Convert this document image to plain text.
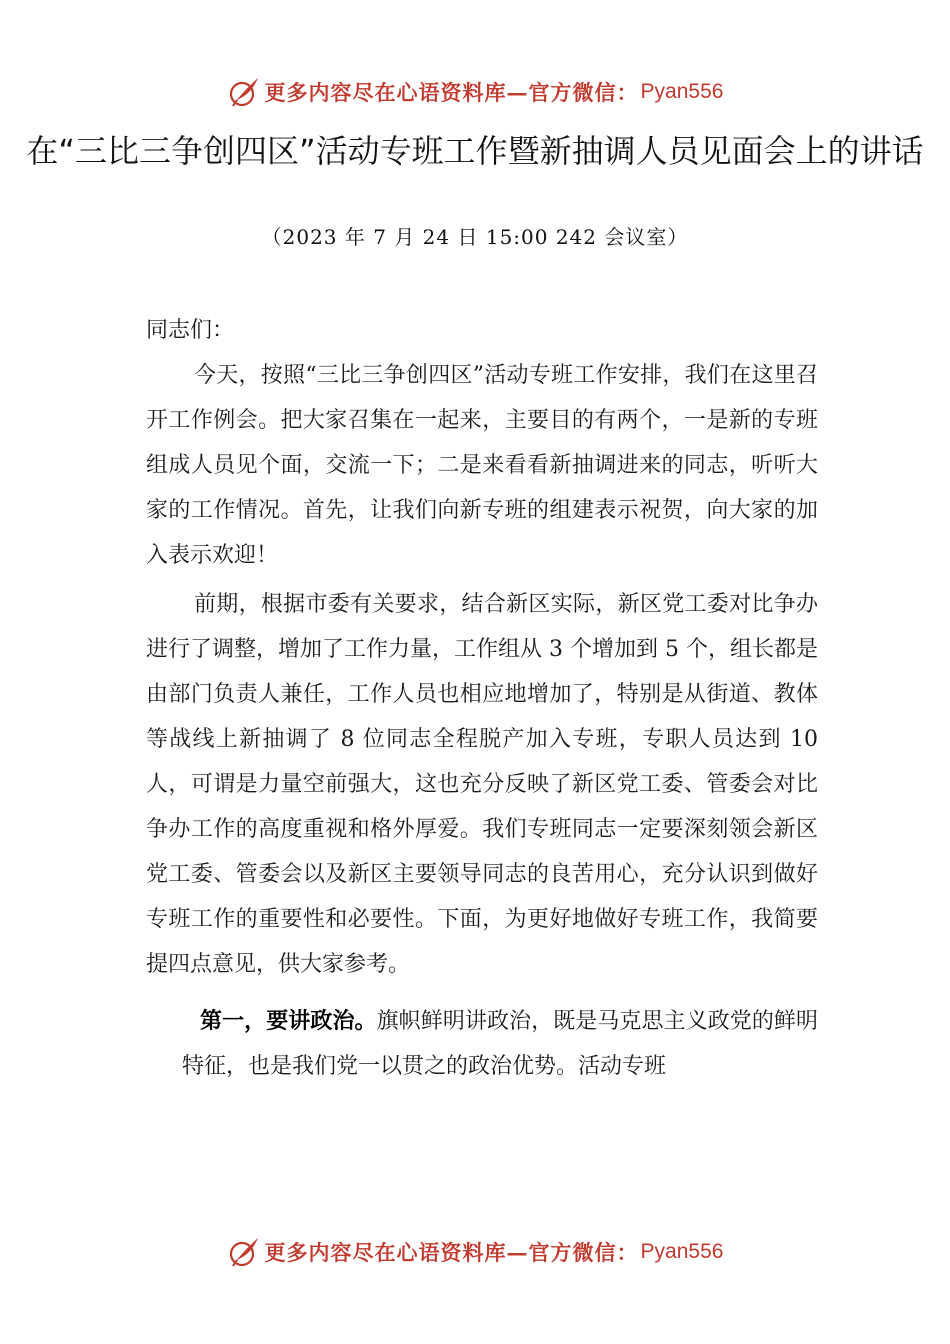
更多内容尽在心语资料库—官方微信： Pyan556
在“三比三争创四区”活动专班工作暨新抽调人员见面会上的讲话
（2023 年 7 月 24 日 15:00 242 会议室）

同志们：

今天，按照“三比三争创四区”活动专班工作安排，我们在这里召开工作例会。把大家召集在一起来，主要目的有两个，一是新的专班组成人员见个面，交流一下；二是来看看新抽调进来的同志，听听大家的工作情况。首先，让我们向新专班的组建表示祝贺，向大家的加入表示欢迎！

前期，根据市委有关要求，结合新区实际，新区党工委对比争办进行了调整，增加了工作力量，工作组从 3 个增加到 5 个，组长都是由部门负责人兼任，工作人员也相应地增加了，特别是从街道、教体等战线上新抽调了 8 位同志全程脱产加入专班，专职人员达到 10 人，可谓是力量空前强大，这也充分反映了新区党工委、管委会对比争办工作的高度重视和格外厚爱。我们专班同志一定要深刻领会新区党工委、管委会以及新区主要领导同志的良苦用心，充分认识到做好专班工作的重要性和必要性。下面，为更好地做好专班工作，我简要提四点意见，供大家参考。

第一，要讲政治。旗帜鲜明讲政治，既是马克思主义政党的鲜明特征，也是我们党一以贯之的政治优势。活动专班

更多内容尽在心语资料库—官方微信： Pyan556
